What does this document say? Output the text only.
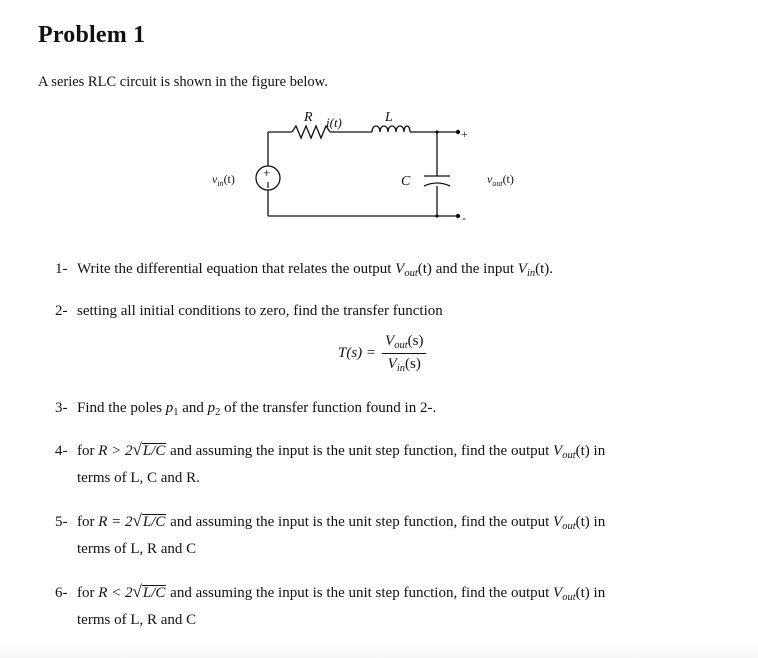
Problem 1
A series RLC circuit is shown in the figure below.
+
R i(t)	L
C
+
-
$v_{in}(t)$	$v_{out}(t)$
1- Write the differential equation that relates the output $V_{out}(t)$ and the input $V_{in}(t)$.
2- setting all initial conditions to zero, find the transfer function
$T(s) = \frac{V_{out}(s)}{V_{in}(s)}$
3- Find the poles $p_1$ and $p_2$ of the transfer function found in 2-.
4- for R > 2√L/C and assuming the input is the unit step function, find the output $V_{out}(t)$ in
terms of L, C and R.
5- for R = 2√L/C and assuming the input is the unit step function, find the output $V_{out}(t)$ in
terms of L, R and C
6- for R < 2√L/C and assuming the input is the unit step function, find the output $V_{out}(t)$ in
terms of L, R and C
